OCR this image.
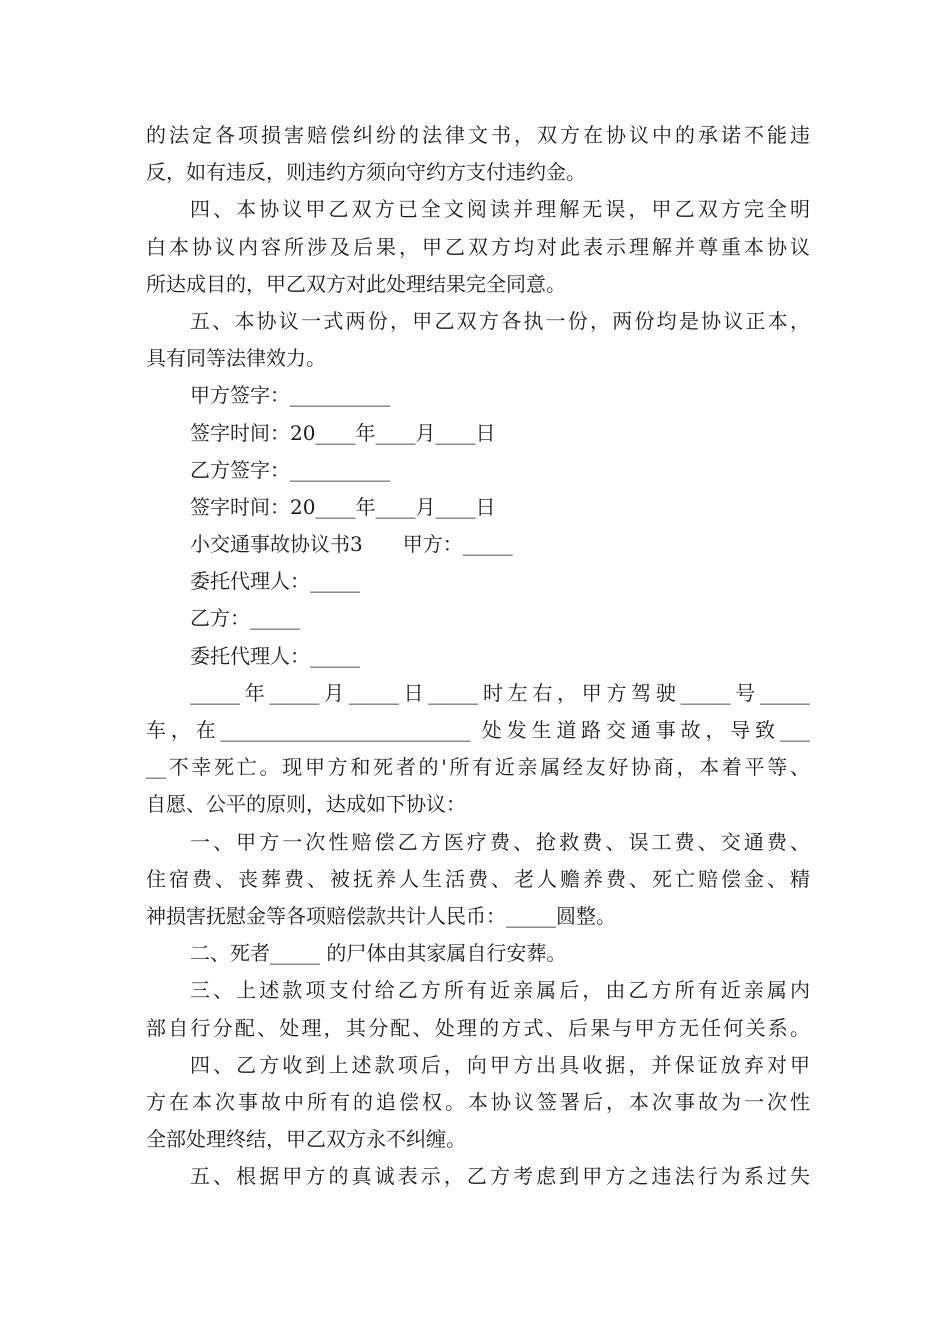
的法定各项损害赔偿纠纷的法律文书，双方在协议中的承诺不能违
反，如有违反，则违约方须向守约方支付违约金。
四、本协议甲乙双方已全文阅读并理解无误，甲乙双方完全明
白本协议内容所涉及后果，甲乙双方均对此表示理解并尊重本协议
所达成目的，甲乙双方对此处理结果完全同意。
五、本协议一式两份，甲乙双方各执一份，两份均是协议正本，
具有同等法律效力。
甲方签字：__________
签字时间：20____年____月____日
乙方签字：__________
签字时间：20____年____月____日
小交通事故协议书3　　甲方：_____
委托代理人：_____
乙方：_____
委托代理人：_____
_____年_____月_____日_____时左右，甲方驾驶_____号_____
车，在_________________________ 处发生道路交通事故，导致___
__不幸死亡。现甲方和死者的'所有近亲属经友好协商，本着平等、
自愿、公平的原则，达成如下协议：
一、甲方一次性赔偿乙方医疗费、抢救费、误工费、交通费、
住宿费、丧葬费、被抚养人生活费、老人赡养费、死亡赔偿金、精
神损害抚慰金等各项赔偿款共计人民币：_____圆整。
二、死者_____ 的尸体由其家属自行安葬。
三、上述款项支付给乙方所有近亲属后，由乙方所有近亲属内
部自行分配、处理，其分配、处理的方式、后果与甲方无任何关系。
四、乙方收到上述款项后，向甲方出具收据，并保证放弃对甲
方在本次事故中所有的追偿权。本协议签署后，本次事故为一次性
全部处理终结，甲乙双方永不纠缠。
五、根据甲方的真诚表示，乙方考虑到甲方之违法行为系过失
